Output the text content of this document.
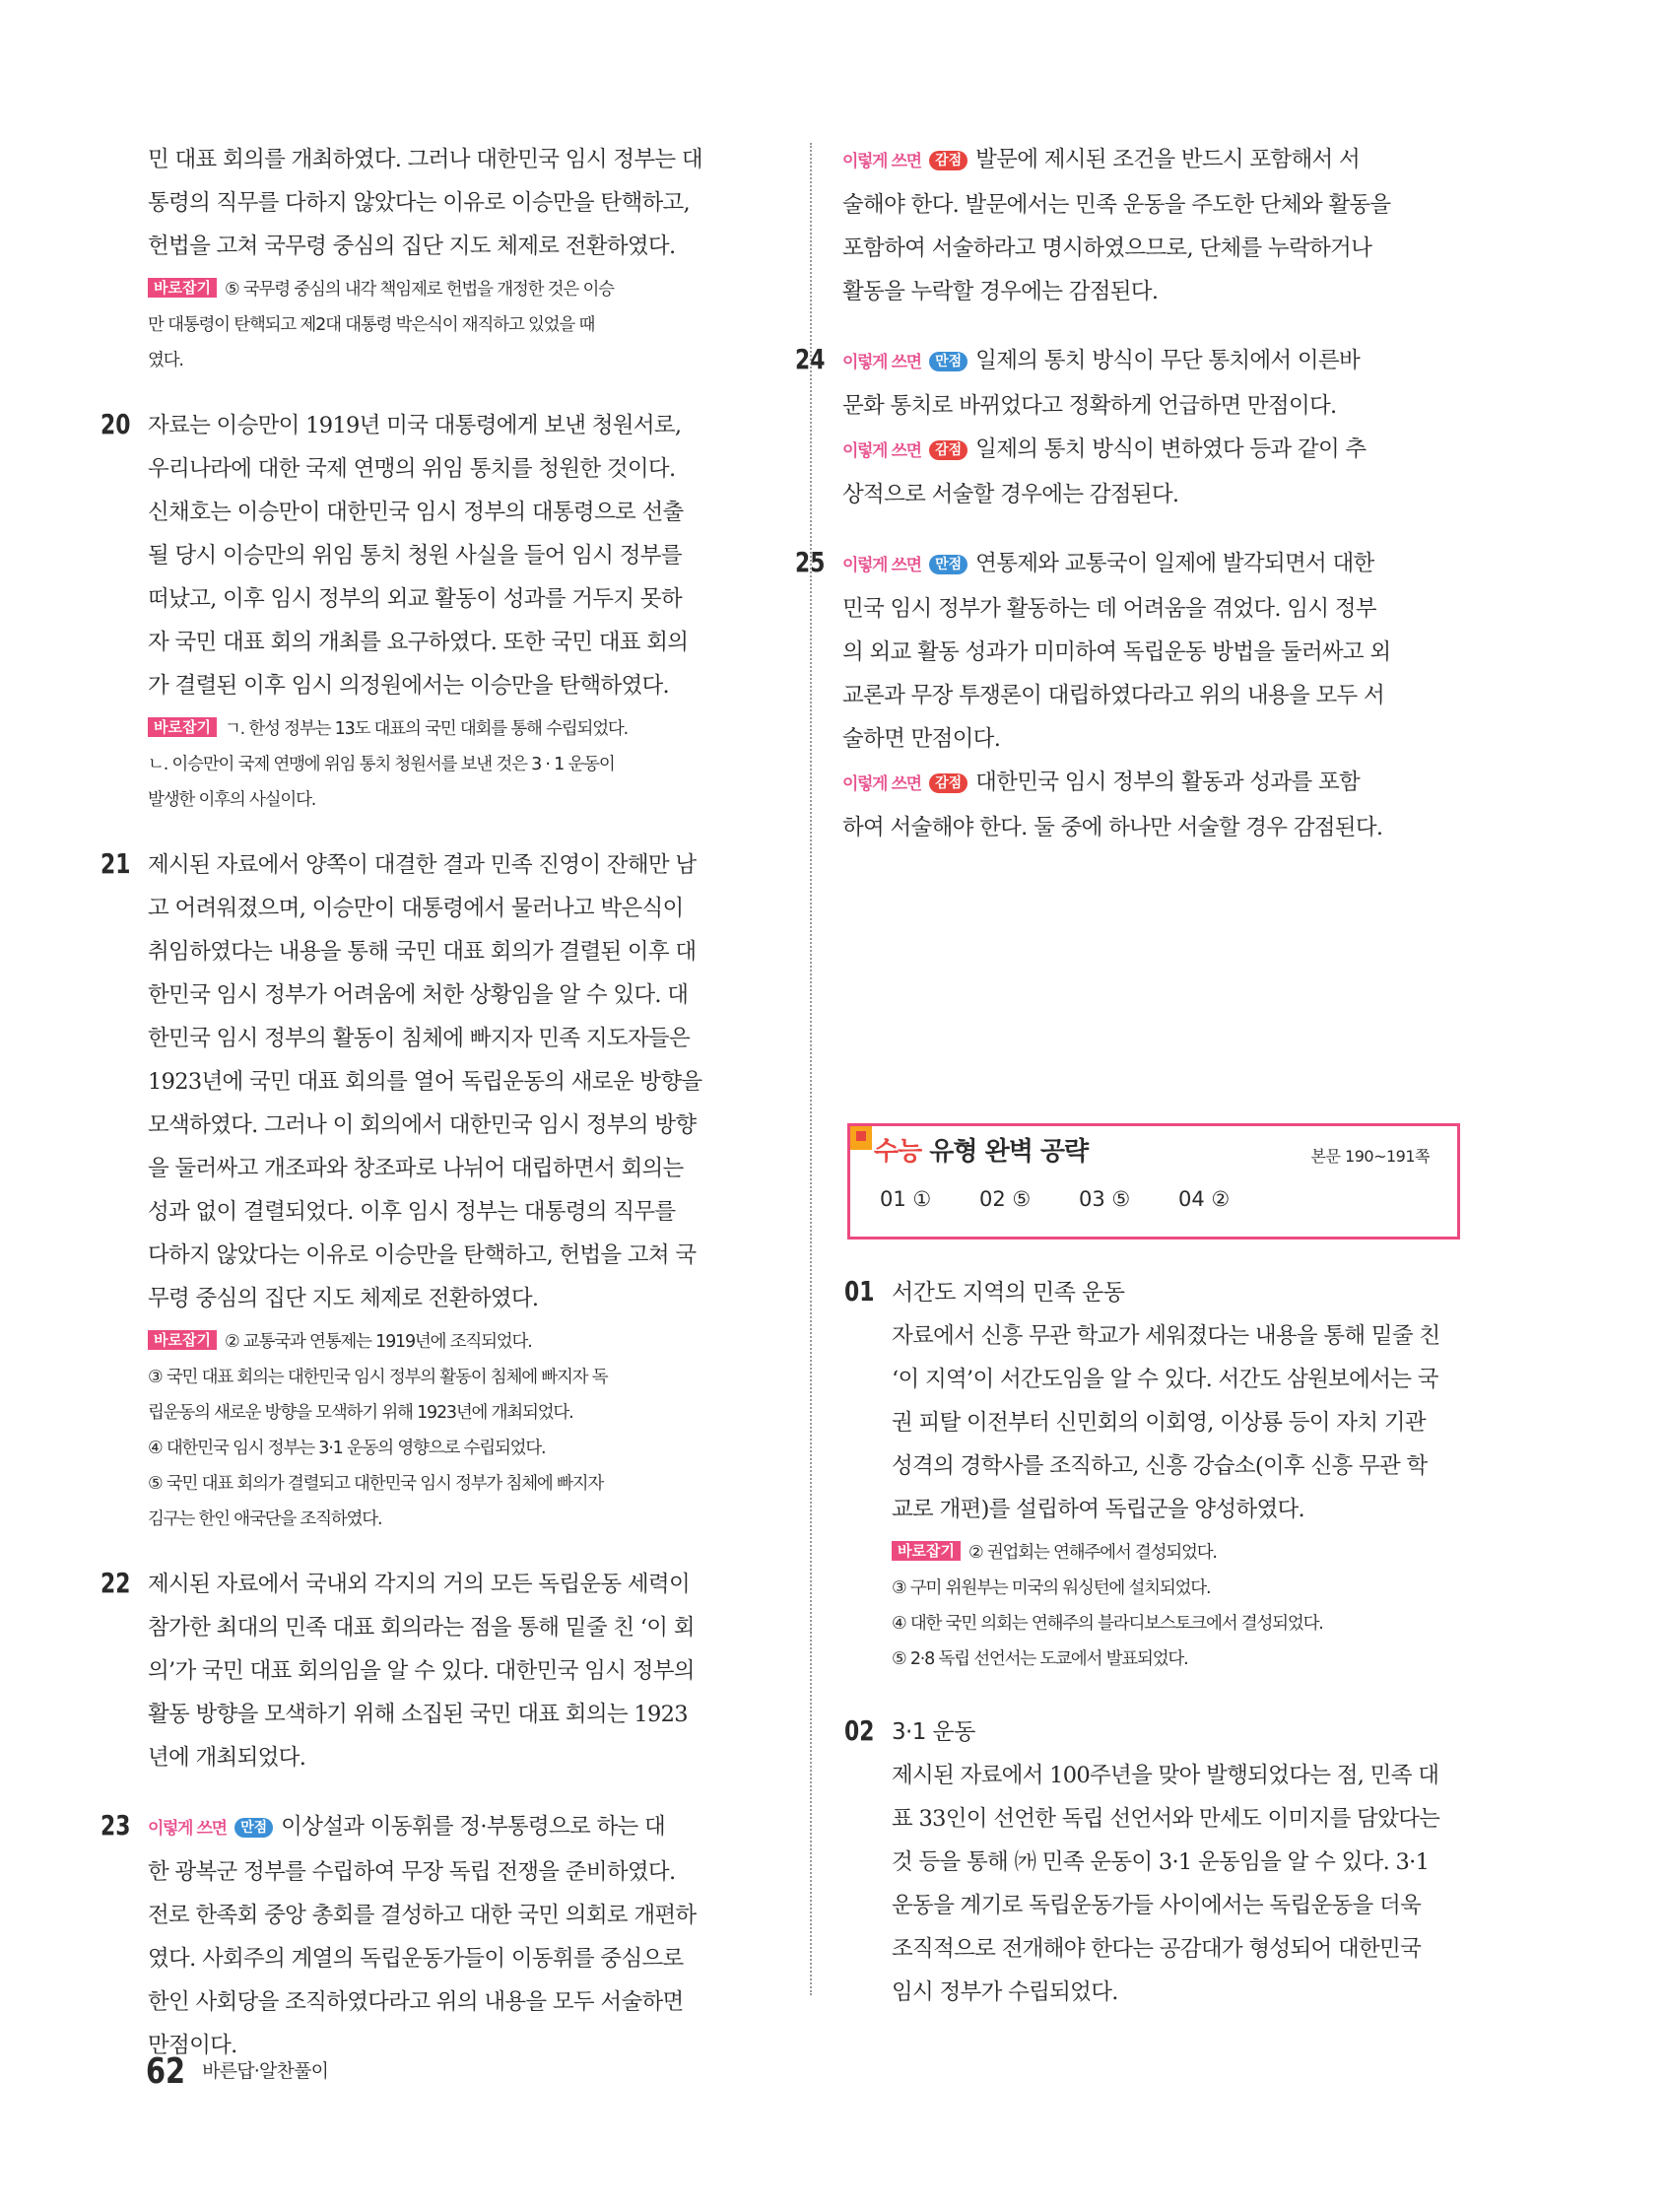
민 대표 회의를 개최하였다. 그러나 대한민국 임시 정부는 대
통령의 직무를 다하지 않았다는 이유로 이승만을 탄핵하고,
헌법을 고쳐 국무령 중심의 집단 지도 체제로 전환하였다.

바로잡기 ⑤ 국무령 중심의 내각 책임제로 헌법을 개정한 것은 이승
만 대통령이 탄핵되고 제2대 대통령 박은식이 재직하고 있었을 때
였다.
20 자료는 이승만이 1919년 미국 대통령에게 보낸 청원서로,
우리나라에 대한 국제 연맹의 위임 통치를 청원한 것이다.
신채호는 이승만이 대한민국 임시 정부의 대통령으로 선출
될 당시 이승만의 위임 통치 청원 사실을 들어 임시 정부를
떠났고, 이후 임시 정부의 외교 활동이 성과를 거두지 못하
자 국민 대표 회의 개최를 요구하였다. 또한 국민 대표 회의
가 결렬된 이후 임시 의정원에서는 이승만을 탄핵하였다.

바로잡기 ㄱ. 한성 정부는 13도 대표의 국민 대회를 통해 수립되었다.
ㄴ. 이승만이 국제 연맹에 위임 통치 청원서를 보낸 것은 3 · 1 운동이
발생한 이후의 사실이다.
21 제시된 자료에서 양쪽이 대결한 결과 민족 진영이 잔해만 남
고 어려워졌으며, 이승만이 대통령에서 물러나고 박은식이
취임하였다는 내용을 통해 국민 대표 회의가 결렬된 이후 대
한민국 임시 정부가 어려움에 처한 상황임을 알 수 있다. 대
한민국 임시 정부의 활동이 침체에 빠지자 민족 지도자들은
1923년에 국민 대표 회의를 열어 독립운동의 새로운 방향을
모색하였다. 그러나 이 회의에서 대한민국 임시 정부의 방향
을 둘러싸고 개조파와 창조파로 나뉘어 대립하면서 회의는
성과 없이 결렬되었다. 이후 임시 정부는 대통령의 직무를
다하지 않았다는 이유로 이승만을 탄핵하고, 헌법을 고쳐 국
무령 중심의 집단 지도 체제로 전환하였다.

바로잡기 ② 교통국과 연통제는 1919년에 조직되었다.
③ 국민 대표 회의는 대한민국 임시 정부의 활동이 침체에 빠지자 독
립운동의 새로운 방향을 모색하기 위해 1923년에 개최되었다.
④ 대한민국 임시 정부는 3·1 운동의 영향으로 수립되었다.
⑤ 국민 대표 회의가 결렬되고 대한민국 임시 정부가 침체에 빠지자
김구는 한인 애국단을 조직하였다.
22 제시된 자료에서 국내외 각지의 거의 모든 독립운동 세력이
참가한 최대의 민족 대표 회의라는 점을 통해 밑줄 친 ‘이 회
의’가 국민 대표 회의임을 알 수 있다. 대한민국 임시 정부의
활동 방향을 모색하기 위해 소집된 국민 대표 회의는 1923
년에 개최되었다.

23 이렇게 쓰면 만점 이상설과 이동휘를 정·부통령으로 하는 대
한 광복군 정부를 수립하여 무장 독립 전쟁을 준비하였다.
전로 한족회 중앙 총회를 결성하고 대한 국민 의회로 개편하
였다. 사회주의 계열의 독립운동가들이 이동휘를 중심으로
한인 사회당을 조직하였다라고 위의 내용을 모두 서술하면
만점이다.

이렇게 쓰면 감점 발문에 제시된 조건을 반드시 포함해서 서
술해야 한다. 발문에서는 민족 운동을 주도한 단체와 활동을
포함하여 서술하라고 명시하였으므로, 단체를 누락하거나
활동을 누락할 경우에는 감점된다.

24 이렇게 쓰면 만점 일제의 통치 방식이 무단 통치에서 이른바
문화 통치로 바뀌었다고 정확하게 언급하면 만점이다.
이렇게 쓰면 감점 일제의 통치 방식이 변하였다 등과 같이 추
상적으로 서술할 경우에는 감점된다.

25 이렇게 쓰면 만점 연통제와 교통국이 일제에 발각되면서 대한
민국 임시 정부가 활동하는 데 어려움을 겪었다. 임시 정부
의 외교 활동 성과가 미미하여 독립운동 방법을 둘러싸고 외
교론과 무장 투쟁론이 대립하였다라고 위의 내용을 모두 서
술하면 만점이다.
이렇게 쓰면 감점 대한민국 임시 정부의 활동과 성과를 포함
하여 서술해야 한다. 둘 중에 하나만 서술할 경우 감점된다.

수능 유형 완벽 공략	본문 190~191쪽
01 ①	02 ⑤	03 ⑤	04 ②
01 서간도 지역의 민족 운동

자료에서 신흥 무관 학교가 세워졌다는 내용을 통해 밑줄 친
‘이 지역’이 서간도임을 알 수 있다. 서간도 삼원보에서는 국
권 피탈 이전부터 신민회의 이회영, 이상룡 등이 자치 기관
성격의 경학사를 조직하고, 신흥 강습소(이후 신흥 무관 학
교로 개편)를 설립하여 독립군을 양성하였다.

바로잡기 ② 권업회는 연해주에서 결성되었다.
③ 구미 위원부는 미국의 워싱턴에 설치되었다.
④ 대한 국민 의회는 연해주의 블라디보스토크에서 결성되었다.
⑤ 2·8 독립 선언서는 도쿄에서 발표되었다.
02 3·1 운동

제시된 자료에서 100주년을 맞아 발행되었다는 점, 민족 대
표 33인이 선언한 독립 선언서와 만세도 이미지를 담았다는
것 등을 통해 ㈎ 민족 운동이 3·1 운동임을 알 수 있다. 3·1
운동을 계기로 독립운동가들 사이에서는 독립운동을 더욱
조직적으로 전개해야 한다는 공감대가 형성되어 대한민국
임시 정부가 수립되었다.

62 바른답·알찬풀이
